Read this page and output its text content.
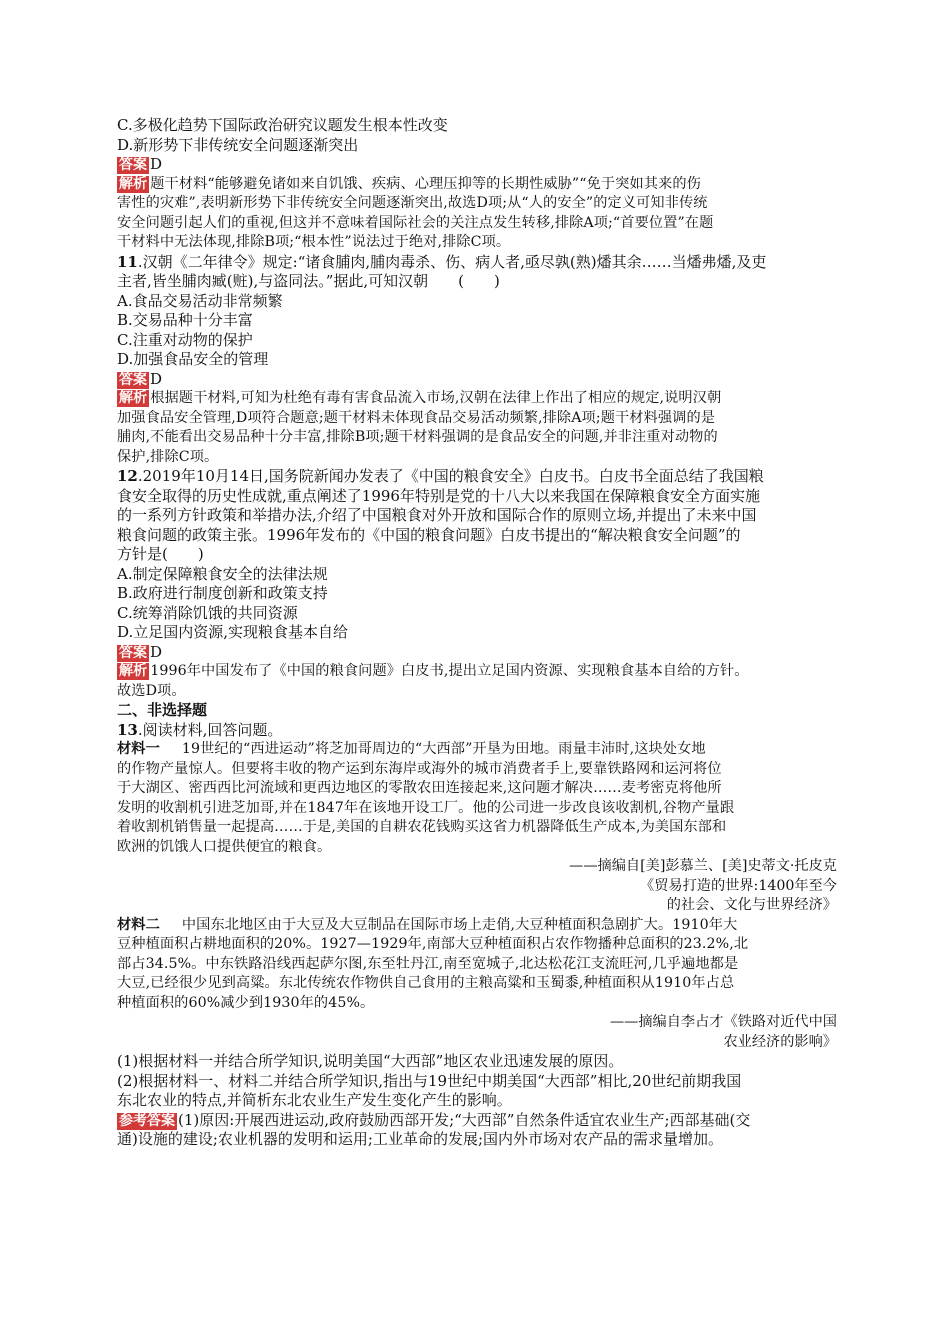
C.多极化趋势下国际政治研究议题发生根本性改变
D.新形势下非传统安全问题逐渐突出
答案 D
解析 题干材料“能够避免诸如来自饥饿、疾病、心理压抑等的长期性威胁”“免于突如其来的伤
害性的灾难”,表明新形势下非传统安全问题逐渐突出,故选D项;从“人的安全”的定义可知非传统
安全问题引起人们的重视,但这并不意味着国际社会的关注点发生转移,排除A项;“首要位置”在题
干材料中无法体现,排除B项;“根本性”说法过于绝对,排除C项。
11.汉朝《二年律令》规定:“诸食脯肉,脯肉毒杀、伤、病人者,亟尽孰(熟)燔其余……当燔弗燔,及吏
主者,皆坐脯肉臧(赃),与盗同法。”据此,可知汉朝　　(　　)
A.食品交易活动非常频繁
B.交易品种十分丰富
C.注重对动物的保护
D.加强食品安全的管理
答案 D
解析 根据题干材料,可知为杜绝有毒有害食品流入市场,汉朝在法律上作出了相应的规定,说明汉朝
加强食品安全管理,D项符合题意;题干材料未体现食品交易活动频繁,排除A项;题干材料强调的是
脯肉,不能看出交易品种十分丰富,排除B项;题干材料强调的是食品安全的问题,并非注重对动物的
保护,排除C项。
12.2019年10月14日,国务院新闻办发表了《中国的粮食安全》白皮书。白皮书全面总结了我国粮
食安全取得的历史性成就,重点阐述了1996年特别是党的十八大以来我国在保障粮食安全方面实施
的一系列方针政策和举措办法,介绍了中国粮食对外开放和国际合作的原则立场,并提出了未来中国
粮食问题的政策主张。1996年发布的《中国的粮食问题》白皮书提出的“解决粮食安全问题”的
方针是(　　)
A.制定保障粮食安全的法律法规
B.政府进行制度创新和政策支持
C.统筹消除饥饿的共同资源
D.立足国内资源,实现粮食基本自给
答案 D
解析 1996年中国发布了《中国的粮食问题》白皮书,提出立足国内资源、实现粮食基本自给的方针。
故选D项。
二、非选择题
13.阅读材料,回答问题。
材料一 19世纪的“西进运动”将芝加哥周边的“大西部”开垦为田地。雨量丰沛时,这块处女地
的作物产量惊人。但要将丰收的物产运到东海岸或海外的城市消费者手上,要靠铁路网和运河将位
于大湖区、密西西比河流域和更西边地区的零散农田连接起来,这问题才解决……麦考密克将他所
发明的收割机引进芝加哥,并在1847年在该地开设工厂。他的公司进一步改良该收割机,谷物产量跟
着收割机销售量一起提高……于是,美国的自耕农花钱购买这省力机器降低生产成本,为美国东部和
欧洲的饥饿人口提供便宜的粮食。
——摘编自[美]彭慕兰、[美]史蒂文·托皮克
《贸易打造的世界:1400年至今
的社会、文化与世界经济》
材料二 中国东北地区由于大豆及大豆制品在国际市场上走俏,大豆种植面积急剧扩大。1910年大
豆种植面积占耕地面积的20%。1927—1929年,南部大豆种植面积占农作物播种总面积的23.2%,北
部占34.5%。中东铁路沿线西起萨尔图,东至牡丹江,南至宽城子,北达松花江支流旺河,几乎遍地都是
大豆,已经很少见到高粱。东北传统农作物供自己食用的主粮高粱和玉蜀黍,种植面积从1910年占总
种植面积的60%减少到1930年的45%。
——摘编自李占才《铁路对近代中国
农业经济的影响》
(1)根据材料一并结合所学知识,说明美国“大西部”地区农业迅速发展的原因。
(2)根据材料一、材料二并结合所学知识,指出与19世纪中期美国“大西部”相比,20世纪前期我国
东北农业的特点,并简析东北农业生产发生变化产生的影响。
参考答案 (1)原因:开展西进运动,政府鼓励西部开发;“大西部”自然条件适宜农业生产;西部基础(交
通)设施的建设;农业机器的发明和运用;工业革命的发展;国内外市场对农产品的需求量增加。
